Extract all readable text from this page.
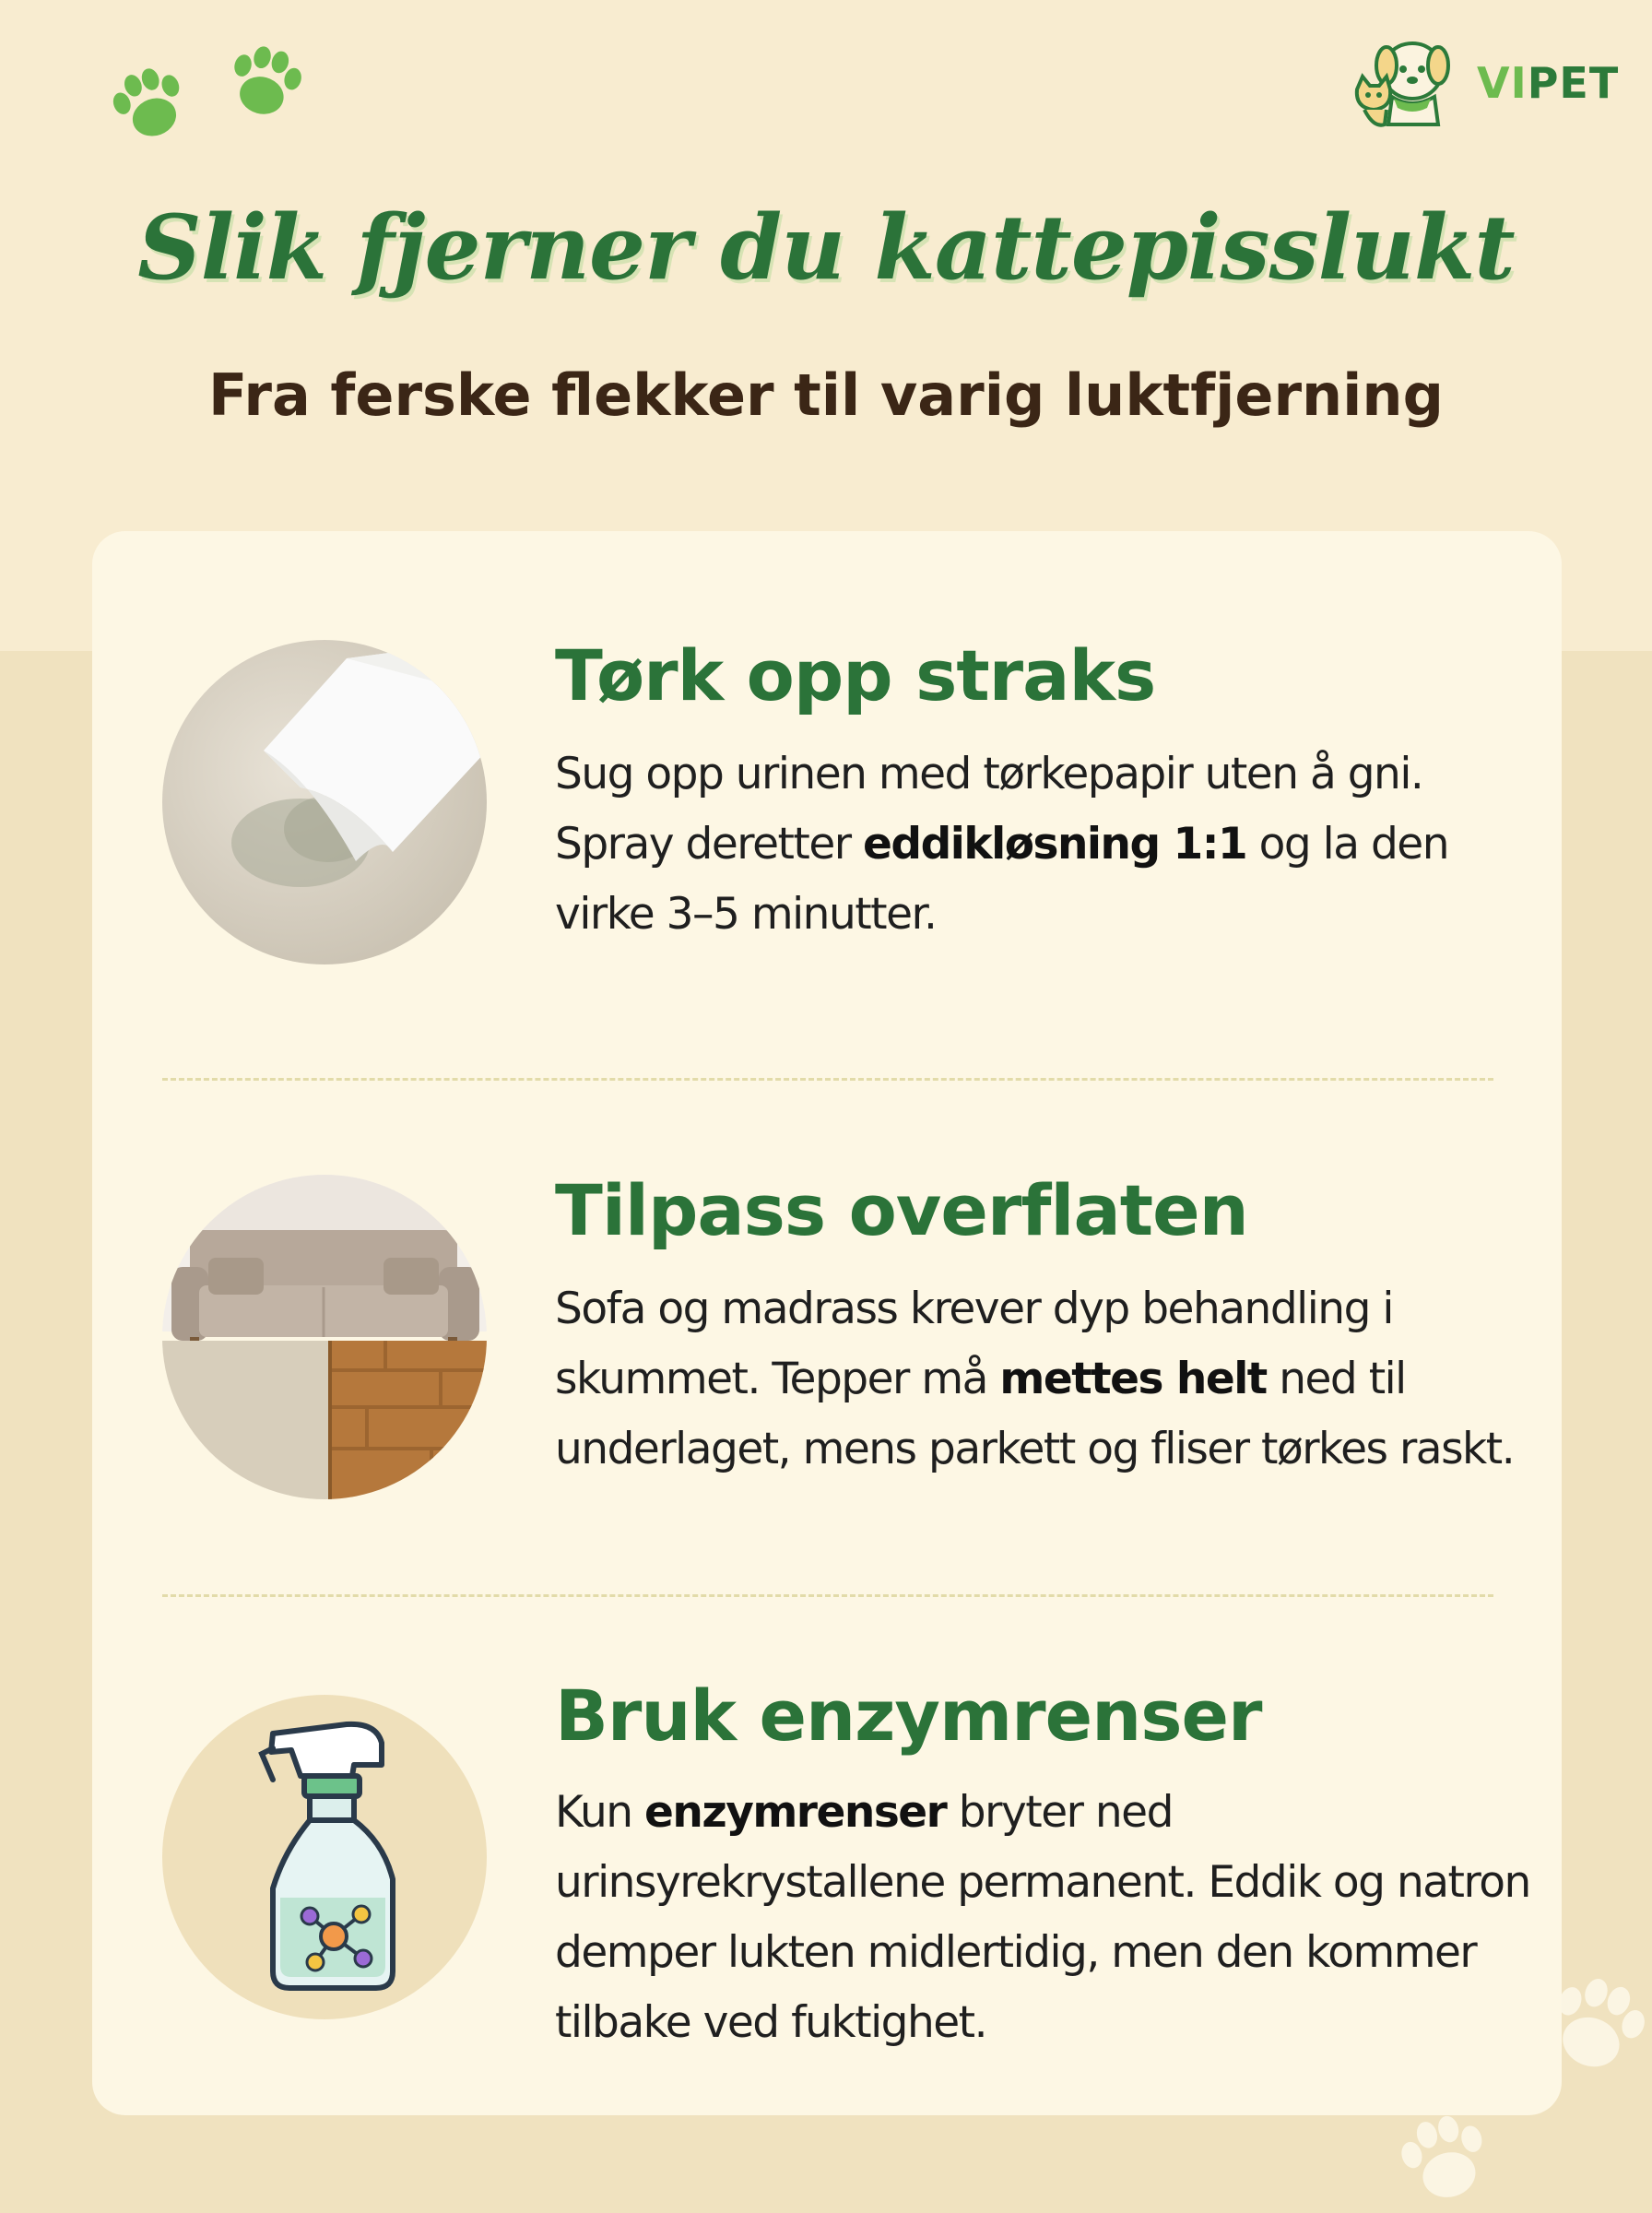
VIPET
Slik fjerner du kattepisslukt
Fra ferske flekker til varig luktfjerning
Tørk opp straks

Sug opp urinen med tørkepapir uten å gni. Spray deretter eddikløsning 1:1 og la den virke 3–5 minutter.

Tilpass overflaten

Sofa og madrass krever dyp behandling i skummet. Tepper må mettes helt ned til underlaget, mens parkett og fliser tørkes raskt.

Bruk enzymrenser

Kun enzymrenser bryter ned urinsyrekrystallene permanent. Eddik og natron demper lukten midlertidig, men den kommer tilbake ved fuktighet.
